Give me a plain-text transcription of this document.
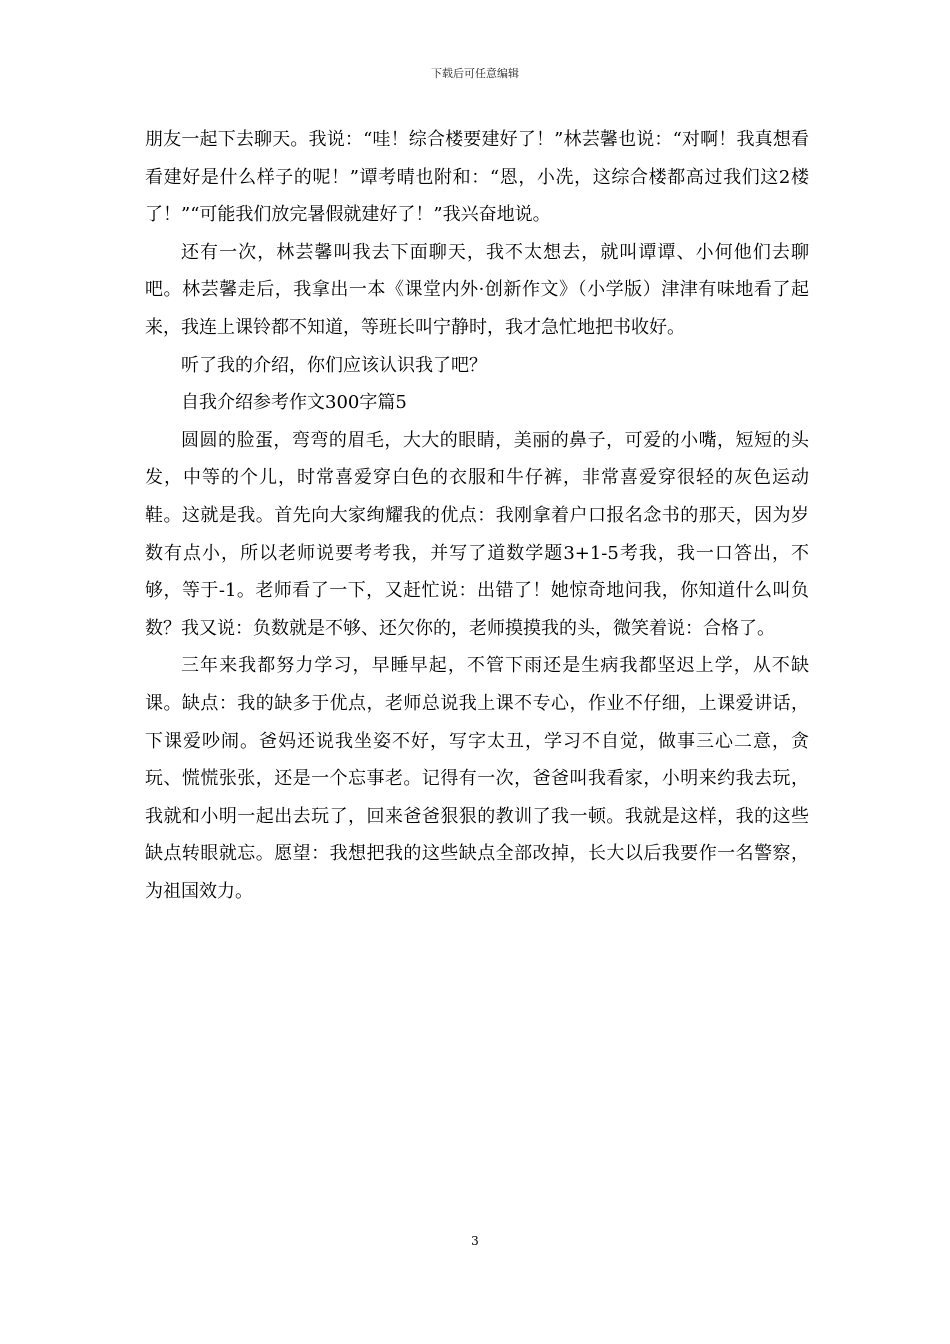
下载后可任意编辑

朋友一起下去聊天。我说：“哇！综合楼要建好了！”林芸馨也说：“对啊！我真想看看建好是什么样子的呢！”谭考晴也附和：“恩，小冼，这综合楼都高过我们这2楼了！”“可能我们放完暑假就建好了！”我兴奋地说。

还有一次，林芸馨叫我去下面聊天，我不太想去，就叫谭谭、小何他们去聊吧。林芸馨走后，我拿出一本《课堂内外·创新作文》（小学版）津津有味地看了起来，我连上课铃都不知道，等班长叫宁静时，我才急忙地把书收好。

听了我的介绍，你们应该认识我了吧？

自我介绍参考作文300字篇5

圆圆的脸蛋，弯弯的眉毛，大大的眼睛，美丽的鼻子，可爱的小嘴，短短的头发，中等的个儿，时常喜爱穿白色的衣服和牛仔裤，非常喜爱穿很轻的灰色运动鞋。这就是我。首先向大家绚耀我的优点：我刚拿着户口报名念书的那天，因为岁数有点小，所以老师说要考考我，并写了道数学题3+1-5考我，我一口答出，不够，等于-1。老师看了一下，又赶忙说：出错了！她惊奇地问我，你知道什么叫负数？我又说：负数就是不够、还欠你的，老师摸摸我的头，微笑着说：合格了。

三年来我都努力学习，早睡早起，不管下雨还是生病我都坚迟上学，从不缺课。缺点：我的缺多于优点，老师总说我上课不专心，作业不仔细，上课爱讲话，下课爱吵闹。爸妈还说我坐姿不好，写字太丑，学习不自觉，做事三心二意，贪玩、慌慌张张，还是一个忘事老。记得有一次，爸爸叫我看家，小明来约我去玩，我就和小明一起出去玩了，回来爸爸狠狠的教训了我一顿。我就是这样，我的这些缺点转眼就忘。愿望：我想把我的这些缺点全部改掉，长大以后我要作一名警察，为祖国效力。

3
